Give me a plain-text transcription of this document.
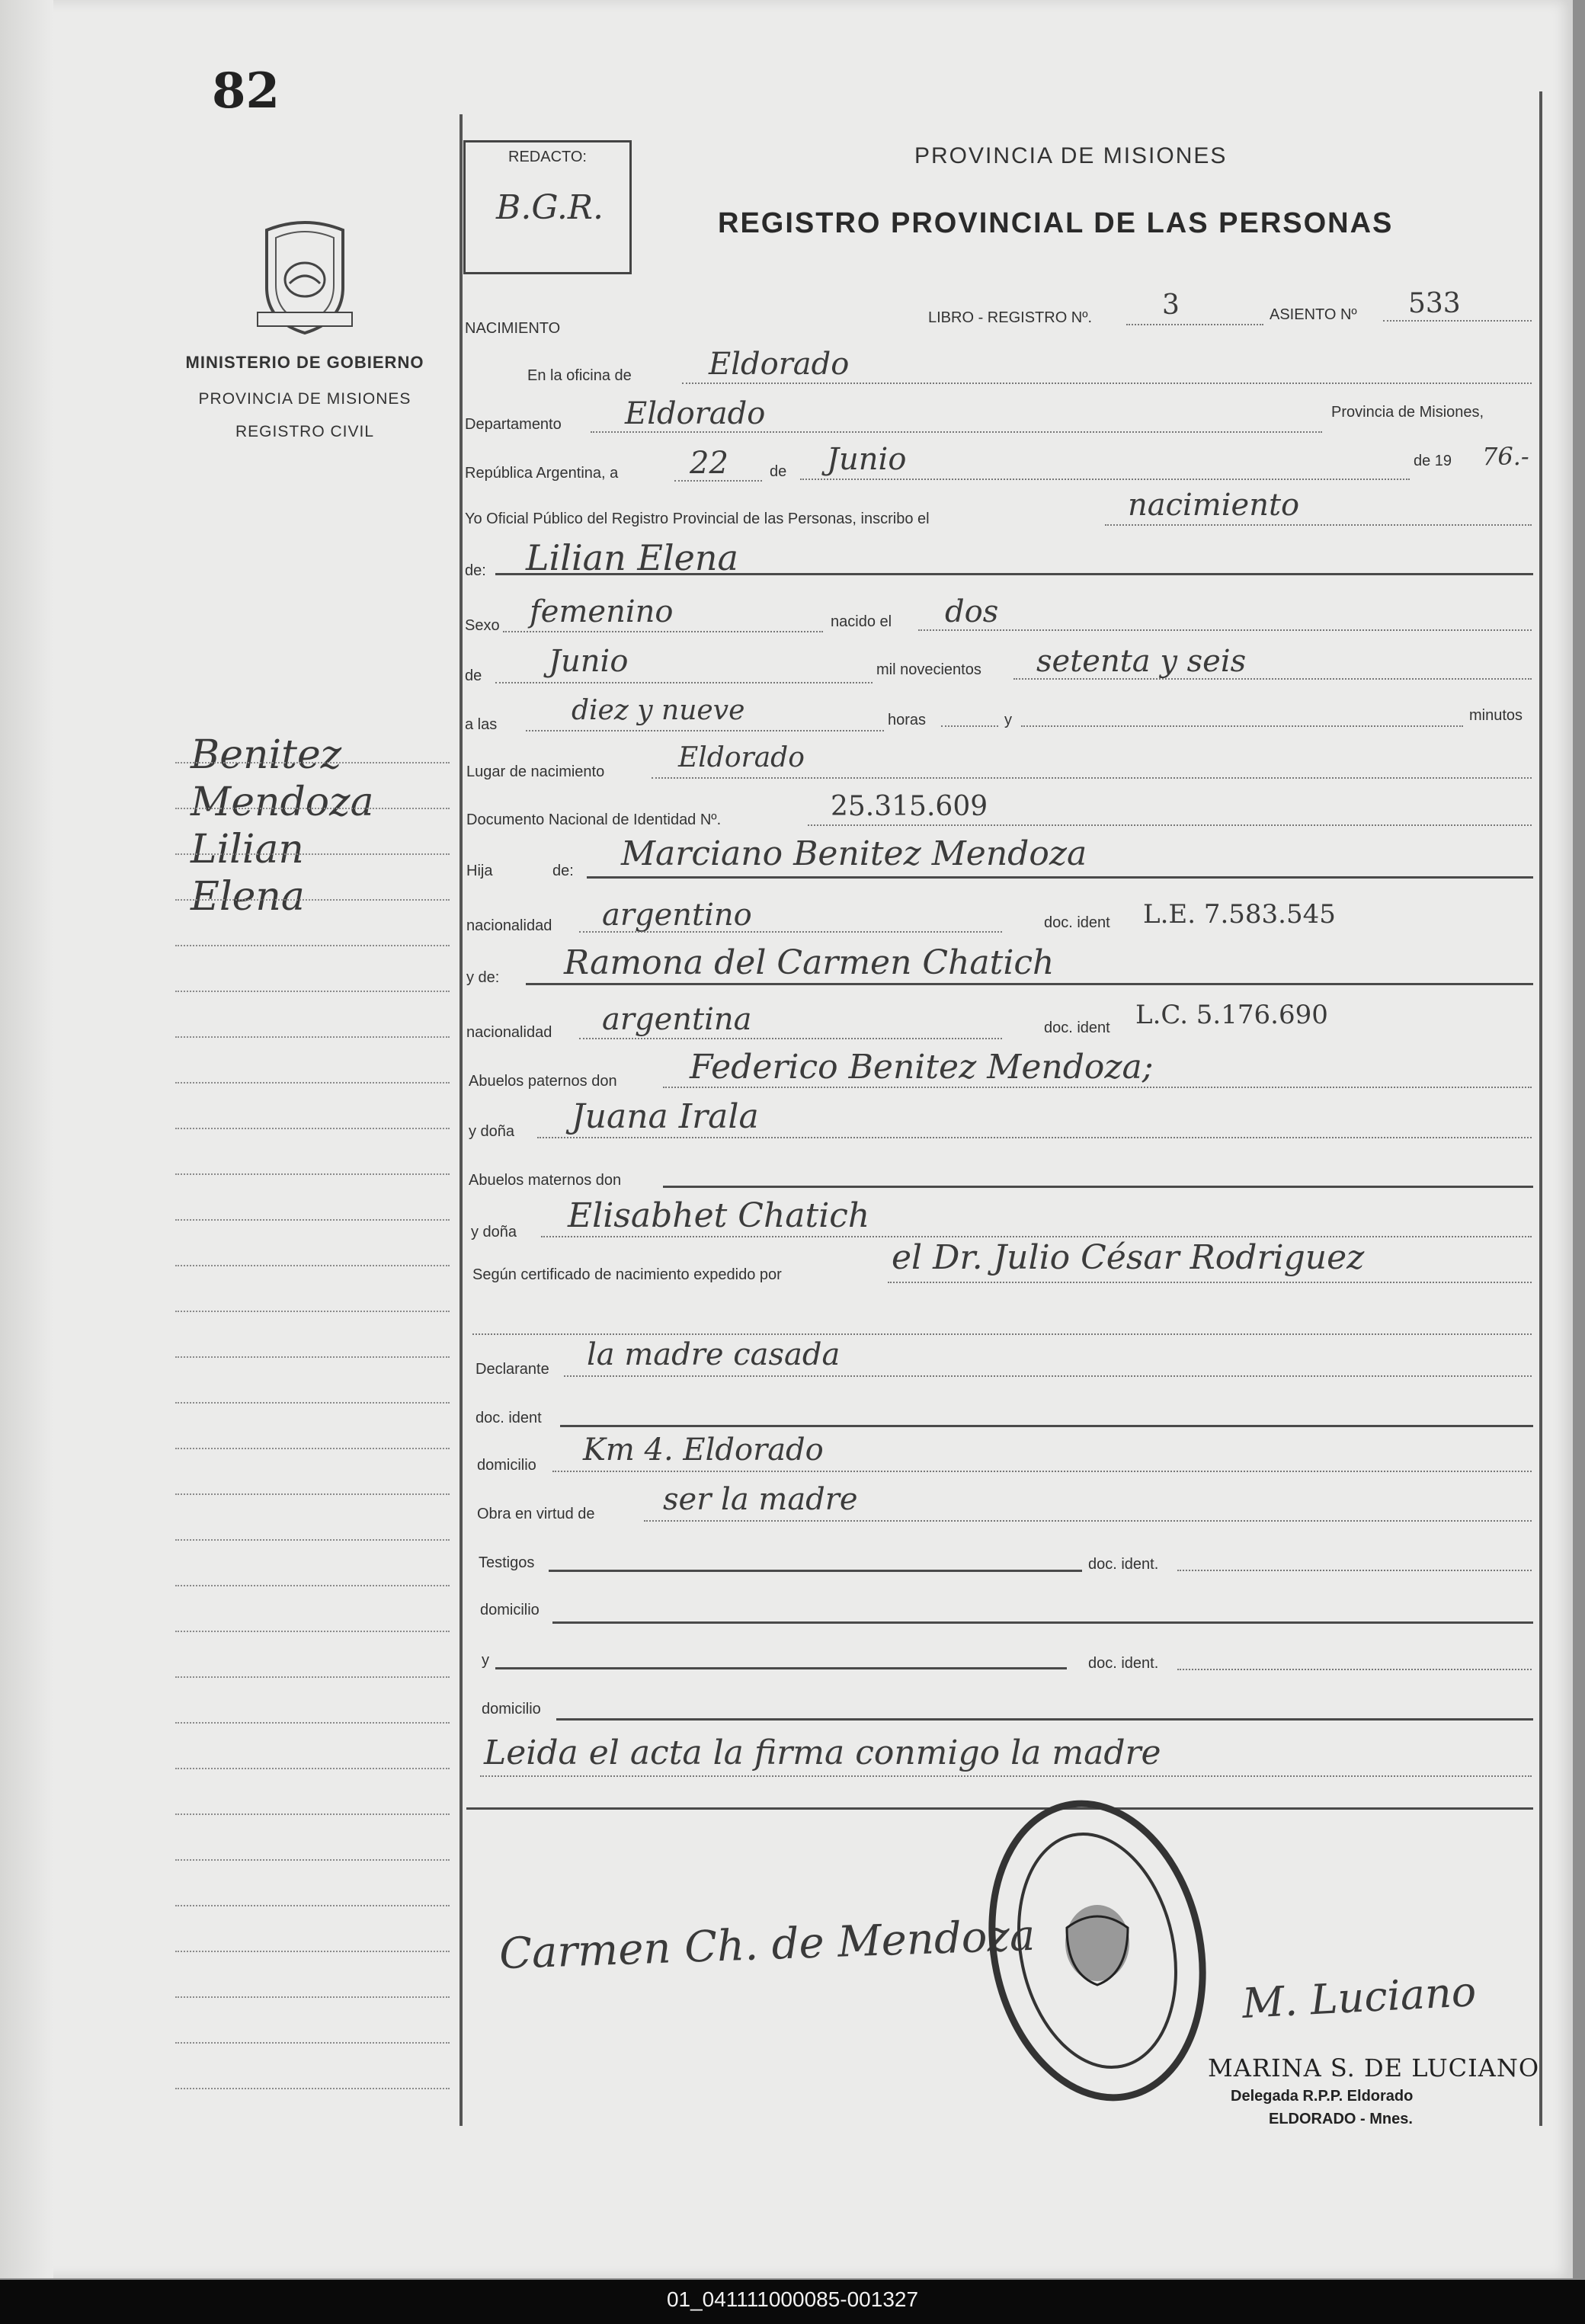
82
MINISTERIO DE GOBIERNO
PROVINCIA DE MISIONES
REGISTRO CIVIL
Benitez
Mendoza
Lilian
Elena
REDACTO:
B.G.R.
PROVINCIA DE MISIONES
REGISTRO PROVINCIAL DE LAS PERSONAS
NACIMIENTO
LIBRO - REGISTRO Nº.	3	ASIENTO Nº 533
En la oficina de	Eldorado
Departamento Eldorado	Provincia de Misiones,
República Argentina, a 22	de Junio	de 19 76.-
Yo Oficial Público del Registro Provincial de las Personas, inscribo el	nacimiento
de: Lilian Elena
Sexo femenino	nacido el dos
de Junio	mil novecientos setenta y seis
a las	diez y nueve	horas	y	minutos
Lugar de nacimiento	Eldorado
Documento Nacional de Identidad Nº.	25.315.609
Hija	de: Marciano Benitez Mendoza
nacionalidad argentino	doc. ident L.E. 7.583.545
y de: Ramona del Carmen Chatich
nacionalidad argentina	doc. ident L.C. 5.176.690
Abuelos paternos don Federico Benitez Mendoza;
y doña Juana Irala
Abuelos maternos don
y doña Elisabhet Chatich
Según certificado de nacimiento expedido por	el Dr. Julio César Rodriguez
Declarante la madre casada
doc. ident
domicilio Km 4. Eldorado
Obra en virtud de ser la madre
Testigos	doc. ident.
domicilio
y	doc. ident.
domicilio
Leida el acta la firma conmigo la madre
Carmen Ch. de Mendoza
M. Luciano
MARINA S. DE LUCIANO
Delegada R.P.P. Eldorado
ELDORADO - Mnes.
01_041111000085-001327
